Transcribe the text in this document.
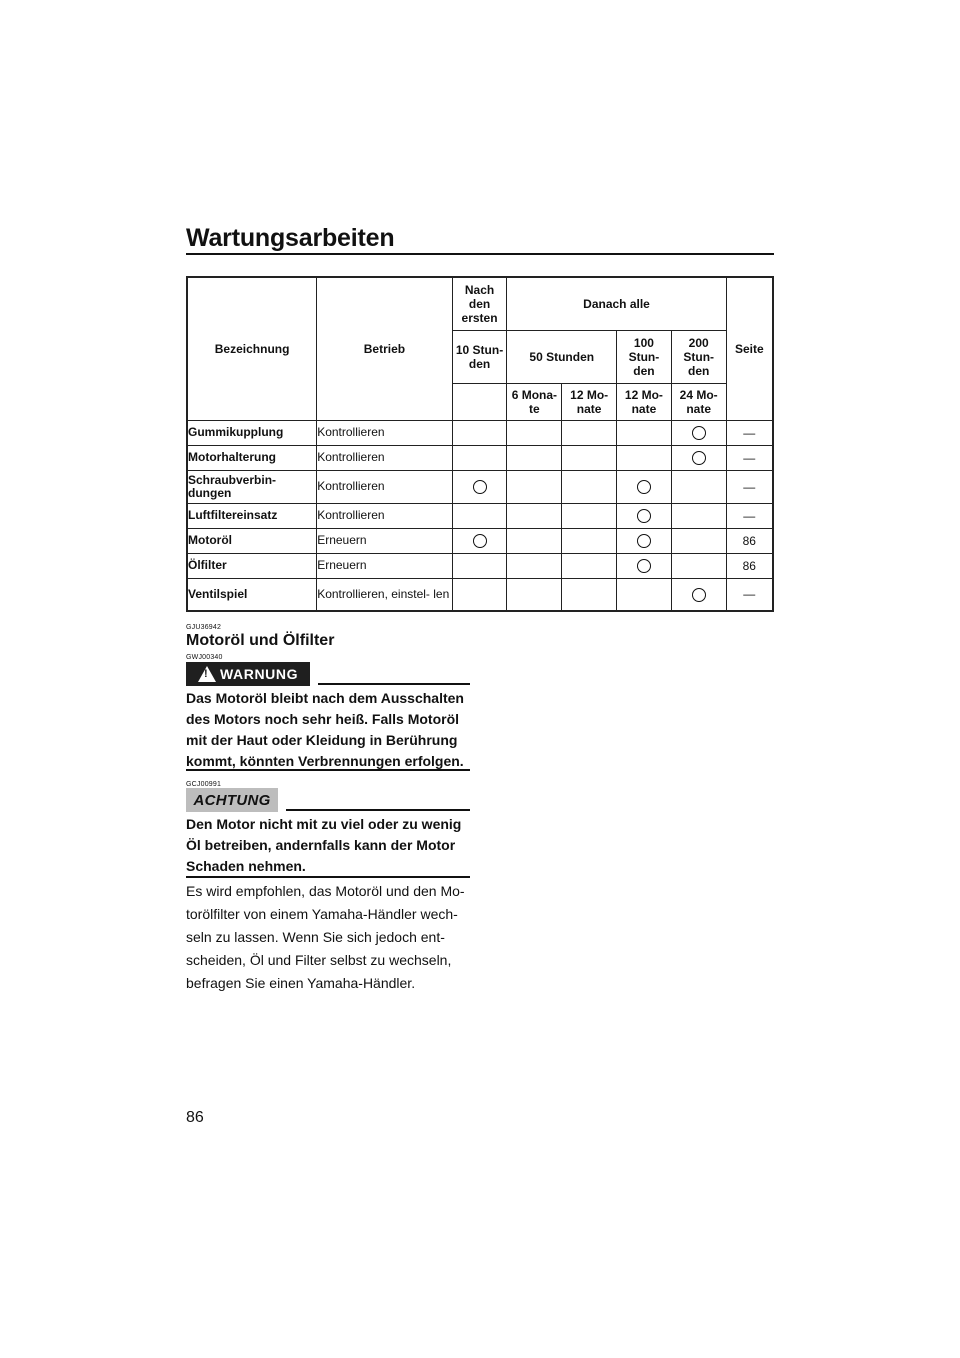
Wartungsarbeiten
Bezeichnung	Betrieb	Nach den ersten	Danach alle				Seite
		10 Stun- den	50 Stunden		100 Stun- den	200 Stun- den	
			6 Mona- te	12 Mo- nate	12 Mo- nate	24 Mo- nate	
Gummikupplung	Kontrollieren						—
Motorhalterung	Kontrollieren						—
Schraubverbin- dungen	Kontrollieren						—
Luftfiltereinsatz	Kontrollieren						—
Motoröl	Erneuern						86
Ölfilter	Erneuern						86
Ventilspiel	Kontrollieren, einstel- len						—
GJU36942
Motoröl und Ölfilter
GWJ00340
! WARNUNG
Das Motoröl bleibt nach dem Ausschalten des Motors noch sehr heiß. Falls Motoröl mit der Haut oder Kleidung in Berührung kommt, könnten Verbrennungen erfolgen.
GCJ00991
ACHTUNG
Den Motor nicht mit zu viel oder zu wenig Öl betreiben, andernfalls kann der Motor Schaden nehmen.
Es wird empfohlen, das Motoröl und den Mo- torölfilter von einem Yamaha-Händler wech- seln zu lassen. Wenn Sie sich jedoch ent- scheiden, Öl und Filter selbst zu wechseln, befragen Sie einen Yamaha-Händler.
86
